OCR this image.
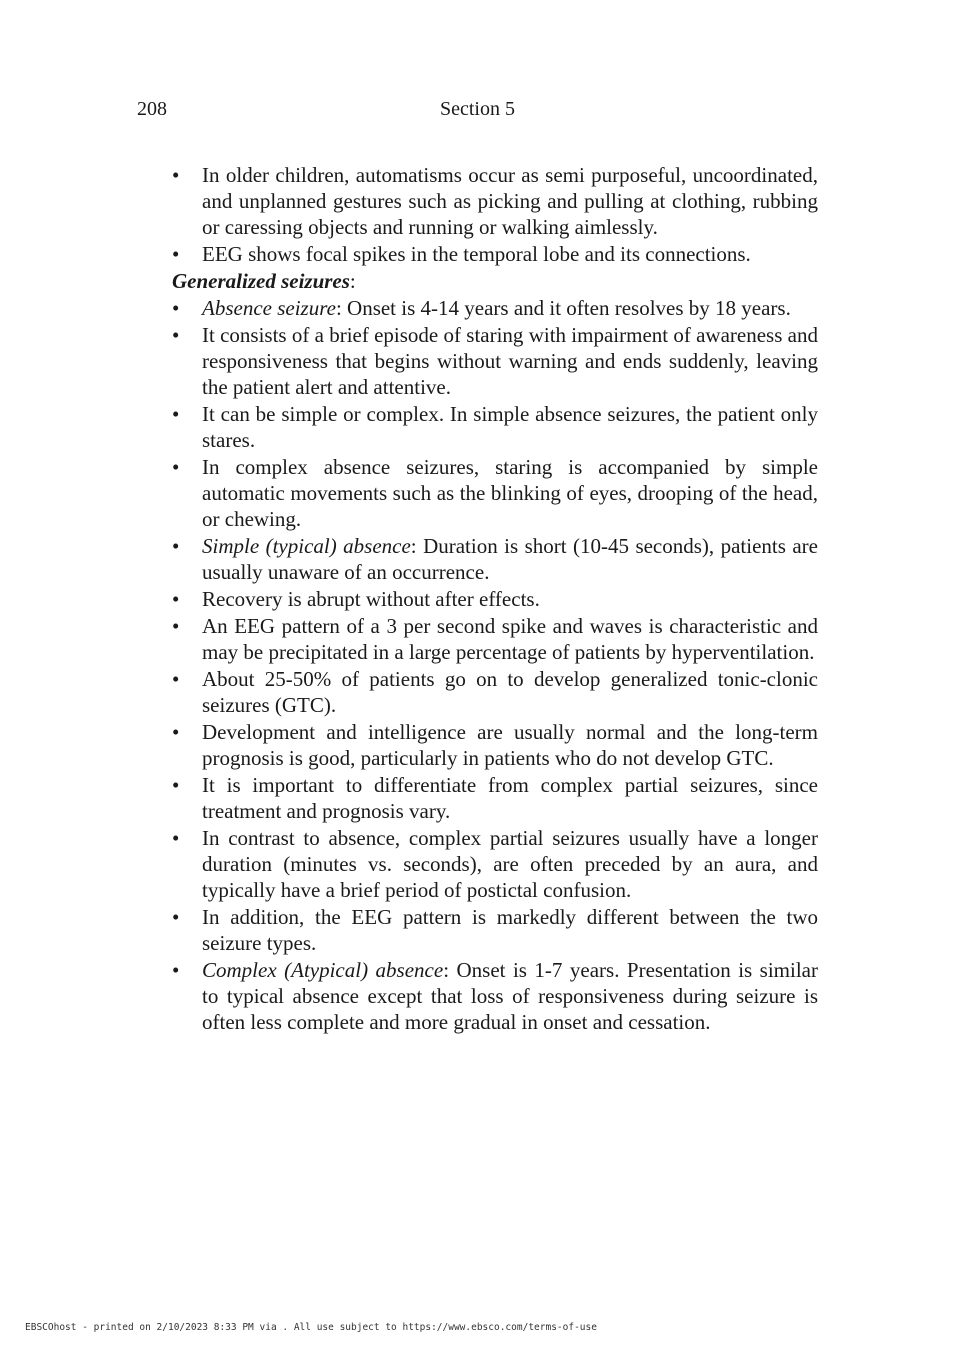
208	Section 5
•	In older children, automatisms occur as semi purposeful, uncoordinated, and unplanned gestures such as picking and pulling at clothing, rubbing or caressing objects and running or walking aimlessly.
•	EEG shows focal spikes in the temporal lobe and its connections.
Generalized seizures:
•	Absence seizure: Onset is 4-14 years and it often resolves by 18 years.
•	It consists of a brief episode of staring with impairment of awareness and responsiveness that begins without warning and ends suddenly, leaving the patient alert and attentive.
•	It can be simple or complex. In simple absence seizures, the patient only stares.
•	In complex absence seizures, staring is accompanied by simple automatic movements such as the blinking of eyes, drooping of the head, or chewing.
•	Simple (typical) absence: Duration is short (10-45 seconds), patients are usually unaware of an occurrence.
•	Recovery is abrupt without after effects.
•	An EEG pattern of a 3 per second spike and waves is characteristic and may be precipitated in a large percentage of patients by hyperventilation.
•	About 25-50% of patients go on to develop generalized tonic-clonic seizures (GTC).
•	Development and intelligence are usually normal and the long-term prognosis is good, particularly in patients who do not develop GTC.
•	It is important to differentiate from complex partial seizures, since treatment and prognosis vary.
•	In contrast to absence, complex partial seizures usually have a longer duration (minutes vs. seconds), are often preceded by an aura, and typically have a brief period of postictal confusion.
•	In addition, the EEG pattern is markedly different between the two seizure types.
•	Complex (Atypical) absence: Onset is 1-7 years. Presentation is similar to typical absence except that loss of responsiveness during seizure is often less complete and more gradual in onset and cessation.
EBSCOhost - printed on 2/10/2023 8:33 PM via . All use subject to https://www.ebsco.com/terms-of-use
